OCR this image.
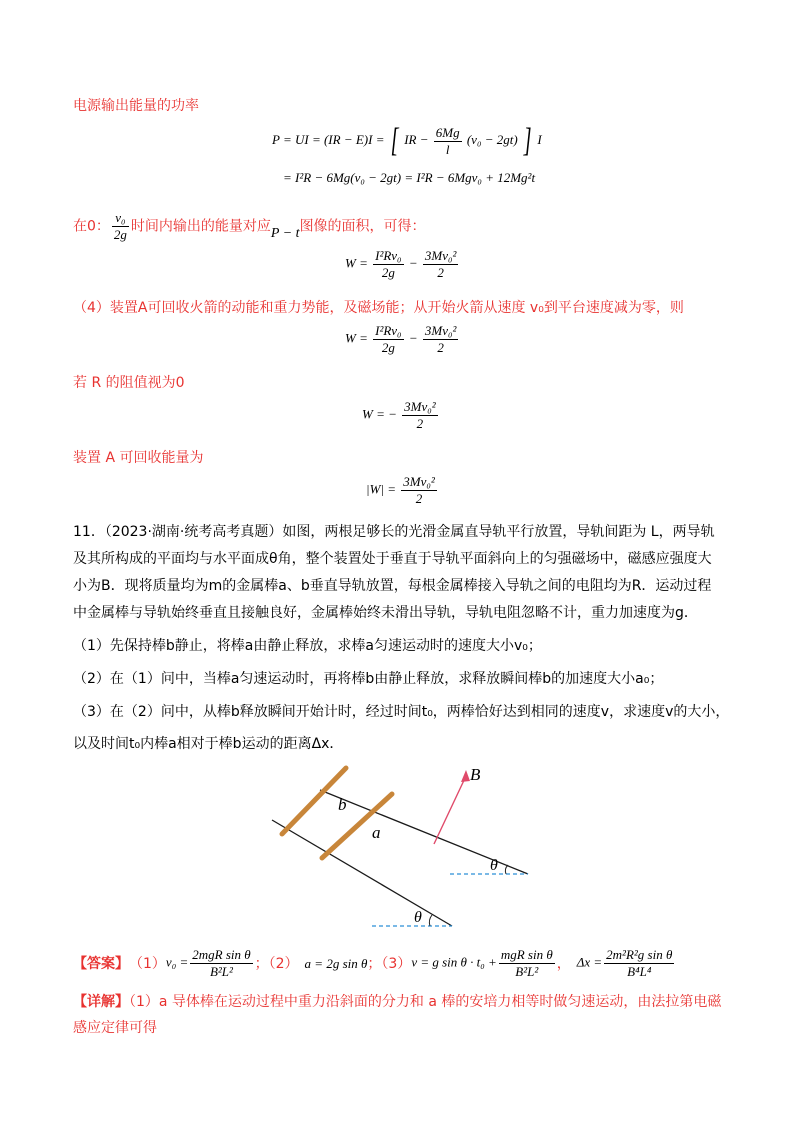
电源输出能量的功率
P = UI = (IR − E)I = [ IR − $\frac{6Mg}{l} (v_0 - 2gt)$ ] I
= I²R − 6Mg(v₀ − 2gt) = I²R − 6Mgv₀ + 12Mg²t
在0： $\frac{\text{v₀}}{2g}$ 时间内输出的能量对应P − t图像的面积，可得：
$W = \frac{\text{I²Rv₀}}{2g} - \frac{\text{3Mv₀²}}{2}$
（4）装置A可回收火箭的动能和重力势能，及磁场能；从开始火箭从速度 v₀到平台速度减为零，则
$W = \frac{\text{I²Rv₀}}{2g} - \frac{\text{3Mv₀²}}{2}$
若 R 的阻值视为0
W = − $\frac{\text{3Mv₀²}}{2}$
装置 A 可回收能量为
$|W| = \frac{\text{3Mv₀²}}{2}$
11．（2023·湖南·统考高考真题）如图，两根足够长的光滑金属直导轨平行放置，导轨间距为 L，两导轨
及其所构成的平面均与水平面成θ角，整个装置处于垂直于导轨平面斜向上的匀强磁场中，磁感应强度大
小为B．现将质量均为m的金属棒a、b垂直导轨放置，每根金属棒接入导轨之间的电阻均为R．运动过程
中金属棒与导轨始终垂直且接触良好，金属棒始终未滑出导轨，导轨电阻忽略不计，重力加速度为g．
（1）先保持棒b静止，将棒a由静止释放，求棒a匀速运动时的速度大小v₀；
（2）在（1）问中，当棒a匀速运动时，再将棒b由静止释放，求释放瞬间棒b的加速度大小a₀；
（3）在（2）问中，从棒b释放瞬间开始计时，经过时间t₀，两棒恰好达到相同的速度v，求速度v的大小，
以及时间t₀内棒a相对于棒b运动的距离Δx．
b
a
B
θ
θ
【答案】 （1） $v_0 = \frac{\text{2mgR sin θ}}{\text{B²L²}}$ ；（2） a = 2g sin θ ；（3） v = g $\sin \theta \cdot t_0 + \frac{\text{mgR sin θ}}{\text{B²L²}}$ ， $\Delta x = \frac{\text{2m²R²g sin θ}}{\text{B⁴L⁴}}$
【详解】（1）a 导体棒在运动过程中重力沿斜面的分力和 a 棒的安培力相等时做匀速运动，由法拉第电磁
感应定律可得
